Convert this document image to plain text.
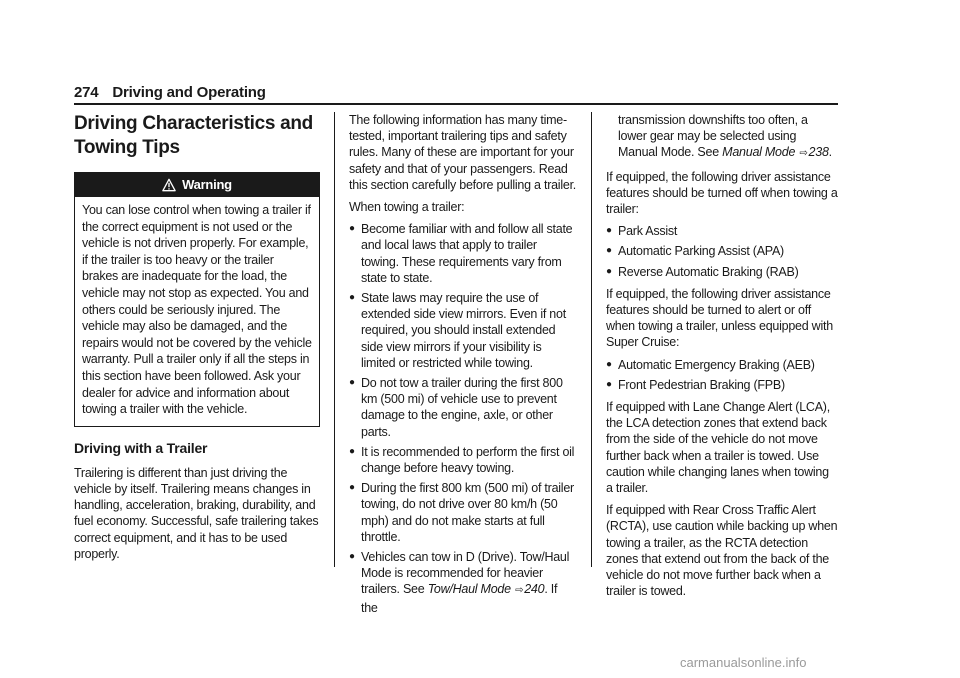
274 Driving and Operating
Driving Characteristics and Towing Tips
Warning
You can lose control when towing a trailer if the correct equipment is not used or the vehicle is not driven properly. For example, if the trailer is too heavy or the trailer brakes are inadequate for the load, the vehicle may not stop as expected. You and others could be seriously injured. The vehicle may also be damaged, and the repairs would not be covered by the vehicle warranty. Pull a trailer only if all the steps in this section have been followed. Ask your dealer for advice and information about towing a trailer with the vehicle.
Driving with a Trailer

Trailering is different than just driving the vehicle by itself. Trailering means changes in handling, acceleration, braking, durability, and fuel economy. Successful, safe trailering takes correct equipment, and it has to be used properly.

The following information has many time-tested, important trailering tips and safety rules. Many of these are important for your safety and that of your passengers. Read this section carefully before pulling a trailer.

When towing a trailer:

● Become familiar with and follow all state and local laws that apply to trailer towing. These requirements vary from state to state.
● State laws may require the use of extended side view mirrors. Even if not required, you should install extended side view mirrors if your visibility is limited or restricted while towing.
● Do not tow a trailer during the first 800 km (500 mi) of vehicle use to prevent damage to the engine, axle, or other parts.
● It is recommended to perform the first oil change before heavy towing.
● During the first 800 km (500 mi) of trailer towing, do not drive over 80 km/h (50 mph) and do not make starts at full throttle.
● Vehicles can tow in D (Drive). Tow/Haul Mode is recommended for heavier trailers. See Tow/Haul Mode ⇨240. If the

transmission downshifts too often, a lower gear may be selected using Manual Mode. See Manual Mode ⇨238.

If equipped, the following driver assistance features should be turned off when towing a trailer:

● Park Assist
● Automatic Parking Assist (APA)
● Reverse Automatic Braking (RAB)

If equipped, the following driver assistance features should be turned to alert or off when towing a trailer, unless equipped with Super Cruise:

● Automatic Emergency Braking (AEB)
● Front Pedestrian Braking (FPB)

If equipped with Lane Change Alert (LCA), the LCA detection zones that extend back from the side of the vehicle do not move further back when a trailer is towed. Use caution while changing lanes when towing a trailer.

If equipped with Rear Cross Traffic Alert (RCTA), use caution while backing up when towing a trailer, as the RCTA detection zones that extend out from the back of the vehicle do not move further back when a trailer is towed.

carmanualsonline.info
